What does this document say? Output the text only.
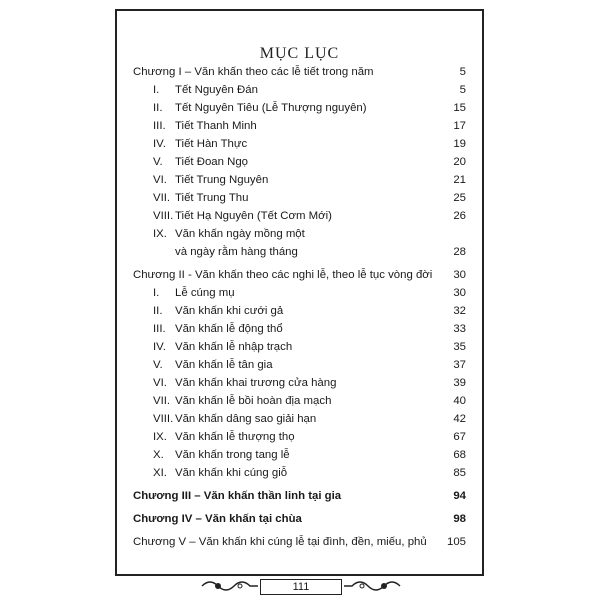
MỤC LỤC
Chương I – Văn khấn theo các lễ tiết trong năm	5
I.	Tết Nguyên Đán	5
II.	Tết Nguyên Tiêu (Lễ Thượng nguyên)	15
III. Tiết Thanh Minh	17
IV. Tiết Hàn Thực	19
V.	Tiết Đoan Ngọ	20
VI. Tiết Trung Nguyên	21
VII. Tiết Trung Thu	25
VIII. Tiết Hạ Nguyên (Tết Cơm Mới)	26
IX. Văn khấn ngày mồng một
và ngày rằm hàng tháng	28
Chương II - Văn khấn theo các nghi lễ, theo lễ tục vòng đời	30
I.	Lễ cúng mụ	30
II.	Văn khấn khi cưới gả	32
III. Văn khấn lễ động thổ	33
IV. Văn khấn lễ nhập trạch	35
V.	Văn khấn lễ tân gia	37
VI. Văn khấn khai trương cửa hàng	39
VII. Văn khấn lễ bồi hoàn địa mạch	40
VIII. Văn khấn dâng sao giải hạn	42
IX. Văn khấn lễ thượng thọ	67
X. Văn khấn trong tang lễ	68
XI. Văn khấn khi cúng giỗ	85
Chương III – Văn khấn thần linh tại gia	94
Chương IV – Văn khấn tại chùa	98
Chương V – Văn khấn khi cúng lễ tại đình, đền, miếu, phủ	105
111
